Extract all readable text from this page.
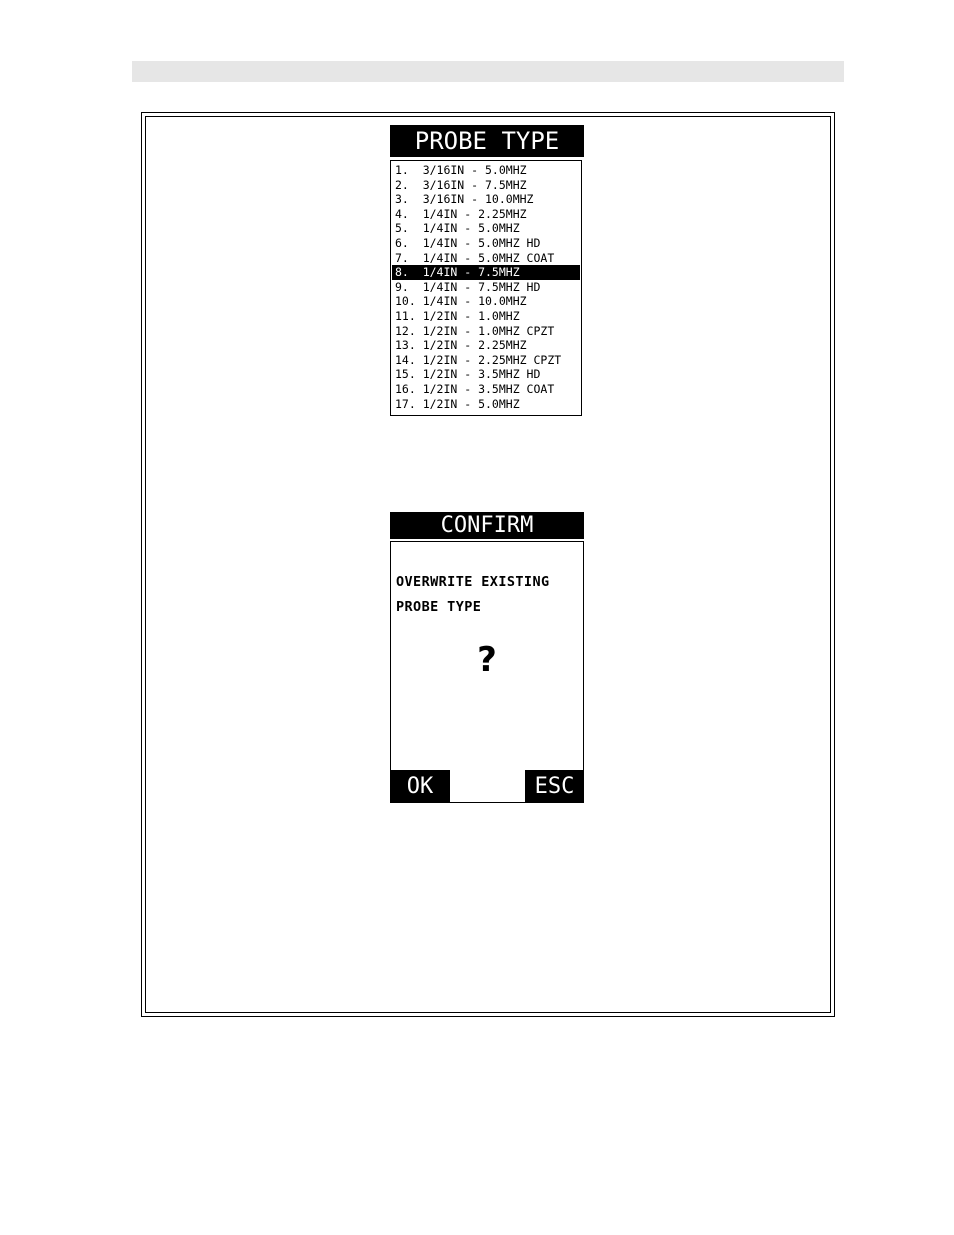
PROBE TYPE
1.  3/16IN - 5.0MHZ
2.  3/16IN - 7.5MHZ
3.  3/16IN - 10.0MHZ
4.  1/4IN - 2.25MHZ
5.  1/4IN - 5.0MHZ
6.  1/4IN - 5.0MHZ HD
7.  1/4IN - 5.0MHZ COAT
8.  1/4IN - 7.5MHZ
9.  1/4IN - 7.5MHZ HD
10. 1/4IN - 10.0MHZ
11. 1/2IN - 1.0MHZ
12. 1/2IN - 1.0MHZ CPZT
13. 1/2IN - 2.25MHZ
14. 1/2IN - 2.25MHZ CPZT
15. 1/2IN - 3.5MHZ HD
16. 1/2IN - 3.5MHZ COAT
17. 1/2IN - 5.0MHZ
CONFIRM
OVERWRITE EXISTING
PROBE TYPE
?
OK	ESC
